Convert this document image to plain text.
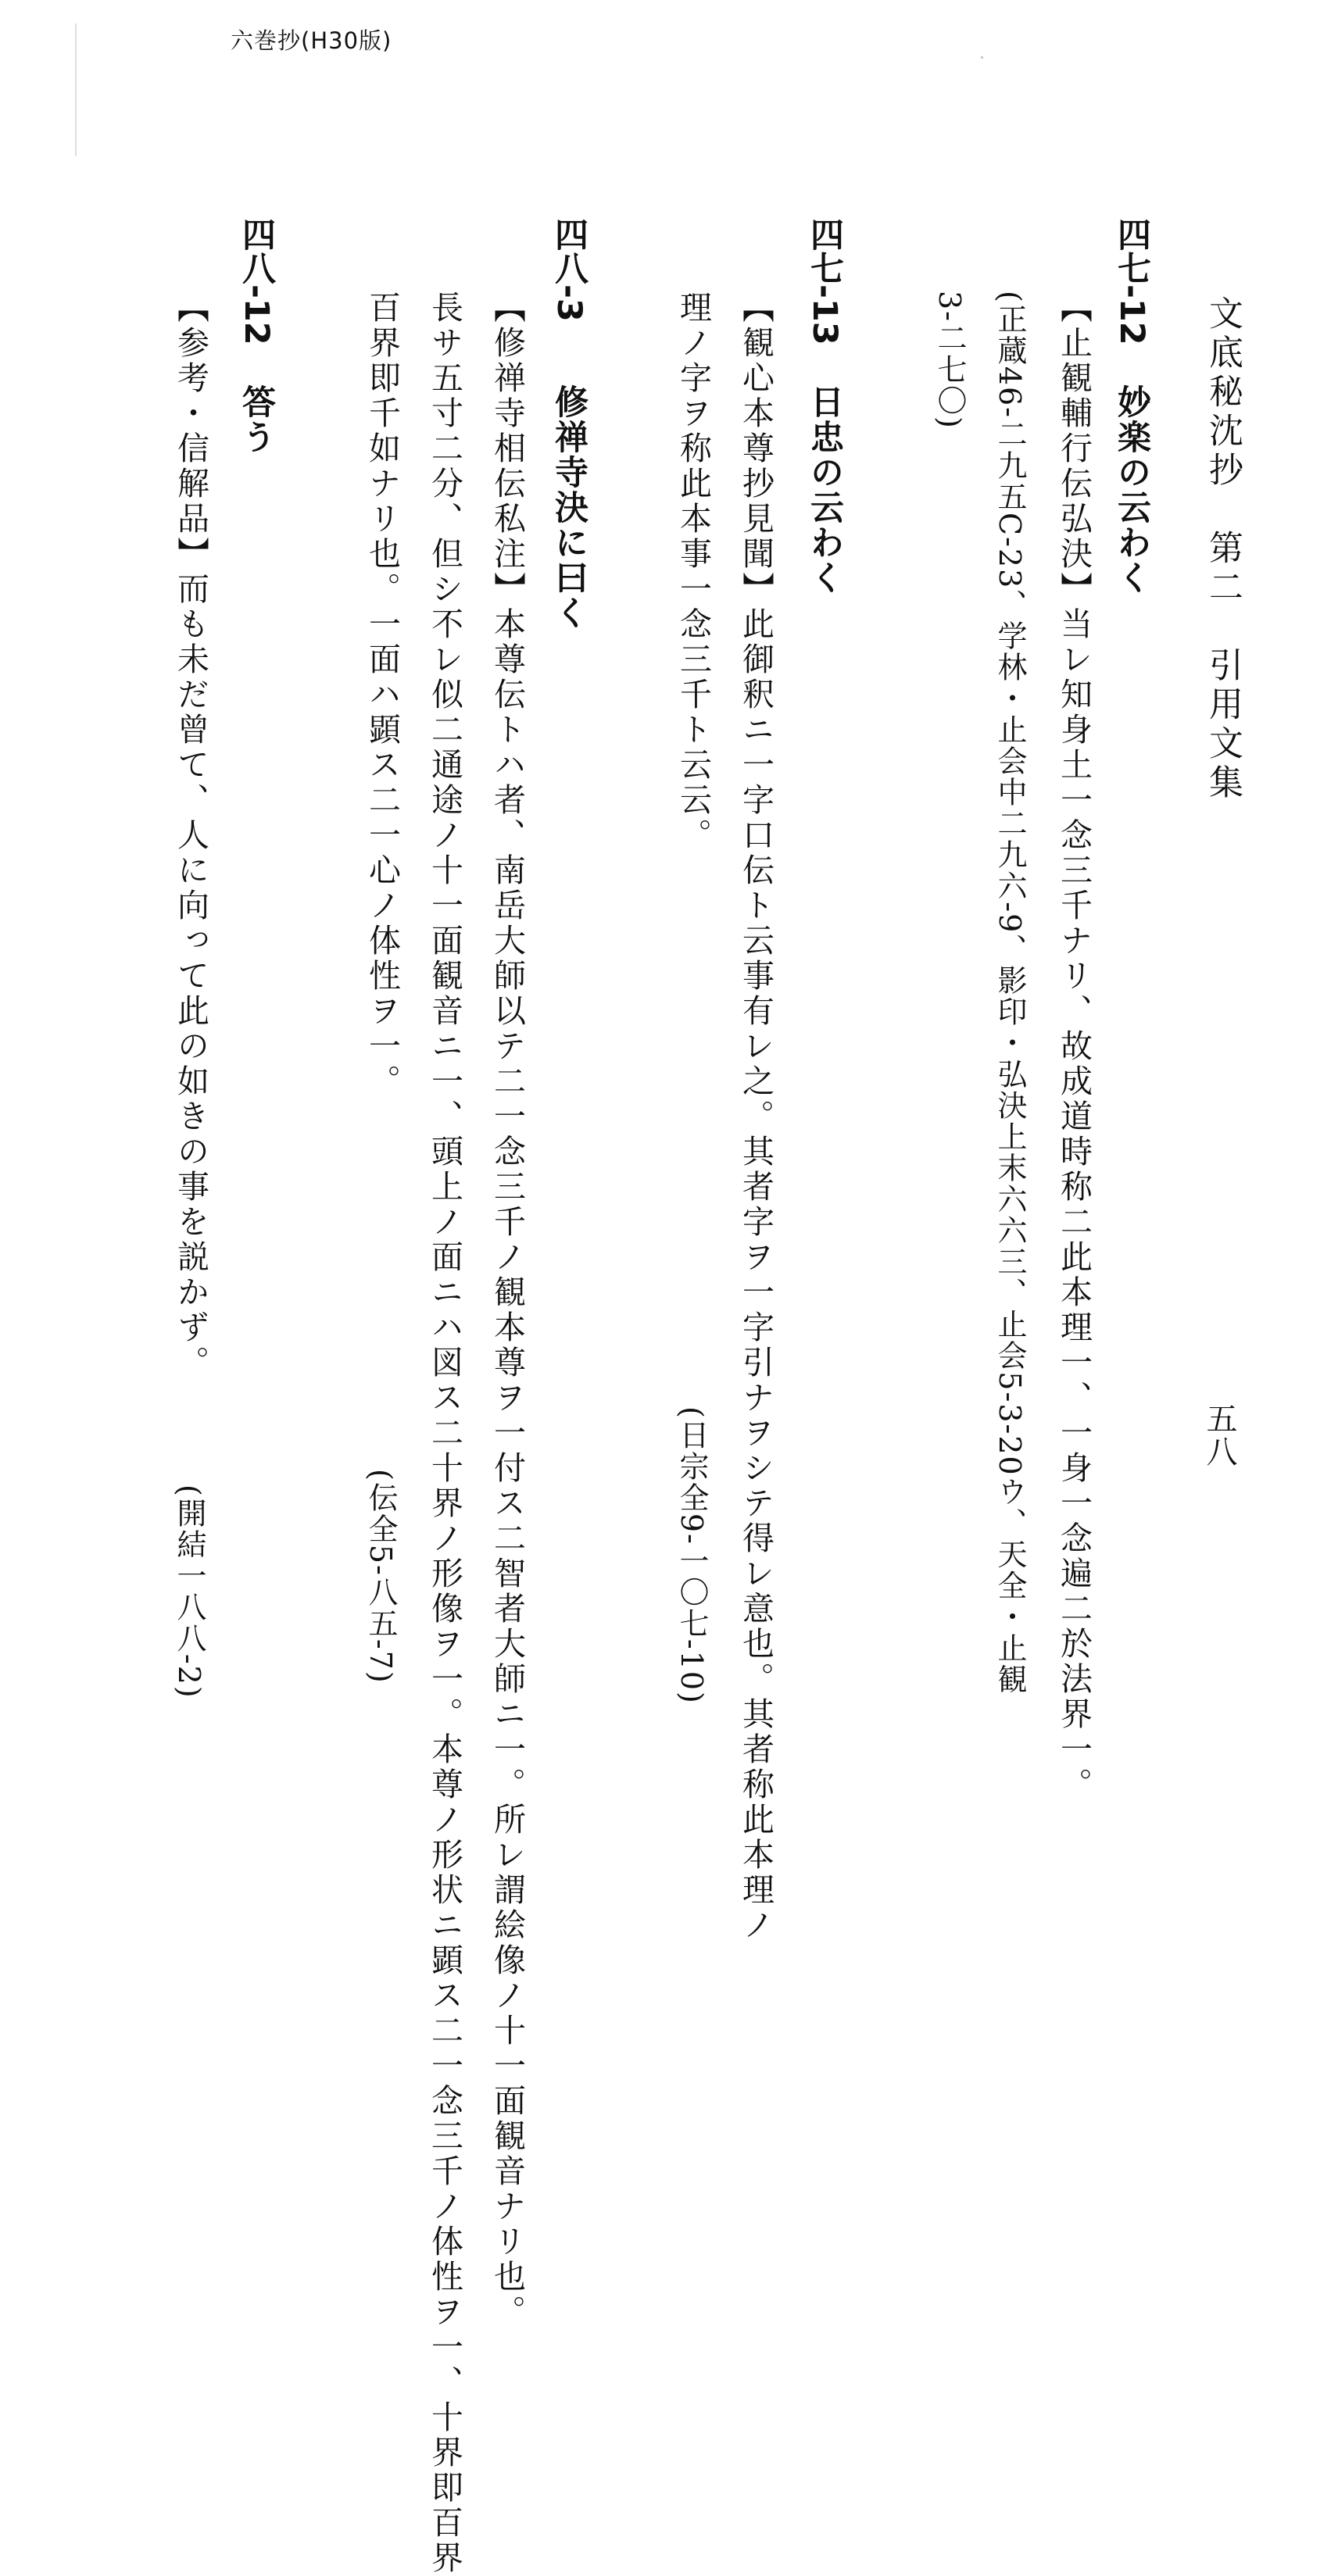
六巻抄(H30版)
文底秘沈抄　第二　引用文集
五八
四七-12
妙楽の云わく
【止観輔行伝弘決】当レ知身土一念三千ナリ、故成道時称二此本理一、一身一念遍二於法界一。
(正蔵46-二九五C-23、学林・止会中二九六-9、影印・弘決上末六六三、止会5-3-20ウ、天全・止観
3-二七〇)
四七-13
日忠の云わく
【観心本尊抄見聞】此御釈ニ一字口伝ト云事有レ之。其者字ヲ一字引ナヲシテ得レ意也。其者称此本理ノ
理ノ字ヲ称此本事一念三千ト云云。
(日宗全9-一〇七-10)
四八-3
修禅寺決に曰く
【修禅寺相伝私注】本尊伝トハ者、南岳大師以テ二一念三千ノ観本尊ヲ一付ス二智者大師ニ一。所レ謂絵像ノ十一面観音ナリ也。
長サ五寸二分、但シ不レ似二通途ノ十一面観音ニ一、頭上ノ面ニハ図ス二十界ノ形像ヲ一。本尊ノ形状ニ顕ス二一念三千ノ体性ヲ一、十界即百界
百界即千如ナリ也。一面ハ顕ス二一心ノ体性ヲ一。
(伝全5-八五-7)
四八-12
答う
【参考・信解品】而も未だ曾て、人に向って此の如きの事を説かず。
(開結一八八-2)
